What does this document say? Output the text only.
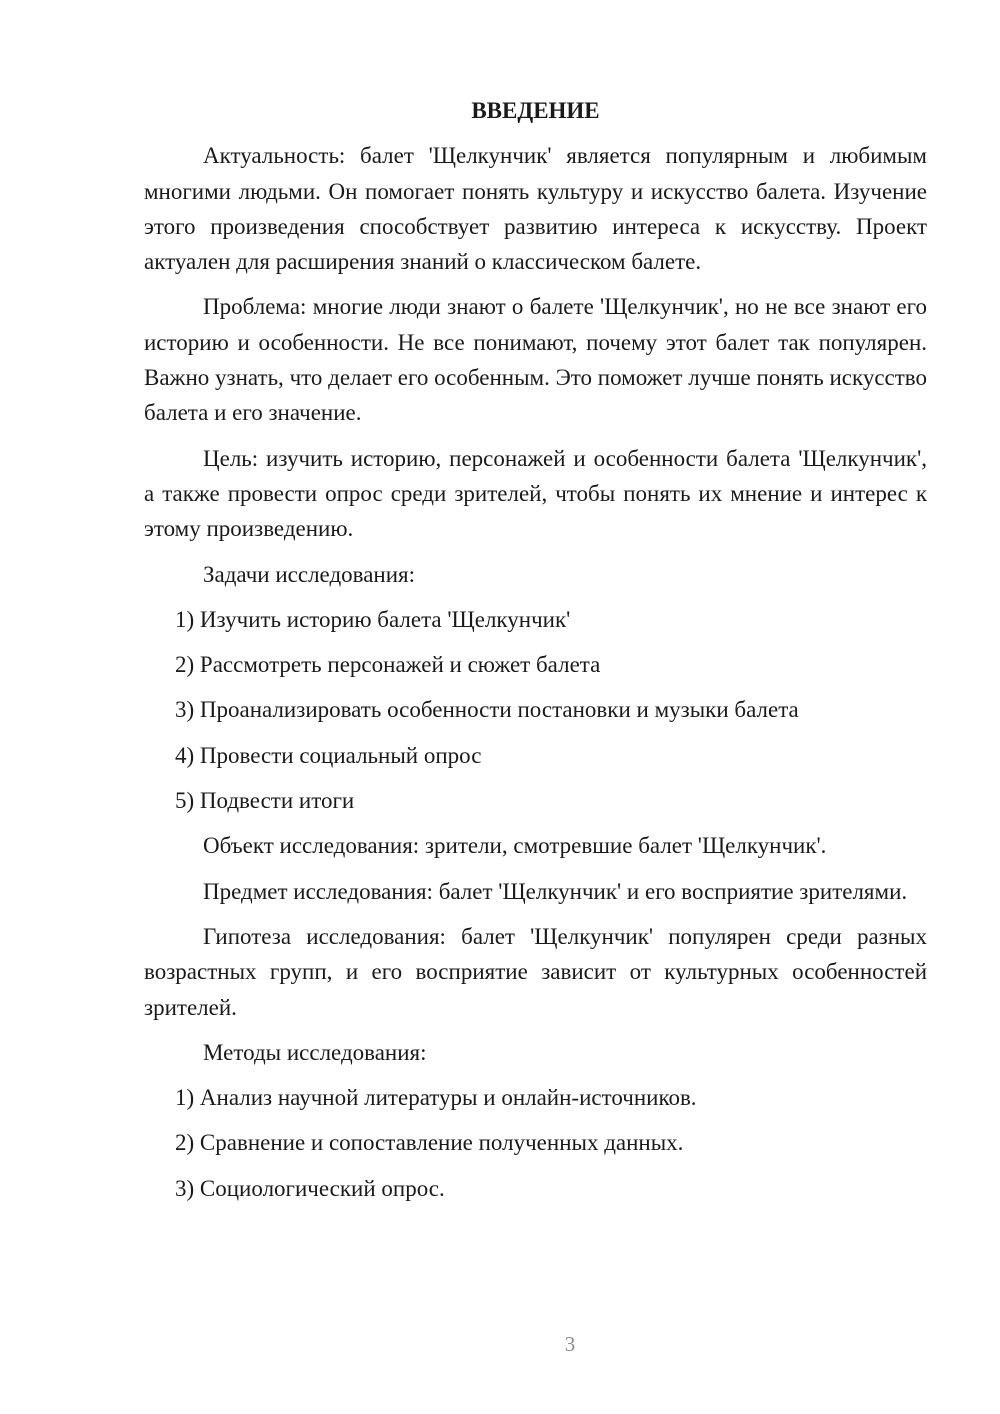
ВВЕДЕНИЕ

Актуальность: балет 'Щелкунчик' является популярным и любимым многими людьми. Он помогает понять культуру и искусство балета. Изучение этого произведения способствует развитию интереса к искусству. Проект актуален для расширения знаний о классическом балете.

Проблема: многие люди знают о балете 'Щелкунчик', но не все знают его историю и особенности. Не все понимают, почему этот балет так популярен. Важно узнать, что делает его особенным. Это поможет лучше понять искусство балета и его значение.

Цель: изучить историю, персонажей и особенности балета 'Щелкунчик', а также провести опрос среди зрителей, чтобы понять их мнение и интерес к этому произведению.

Задачи исследования:

1) Изучить историю балета 'Щелкунчик'

2) Рассмотреть персонажей и сюжет балета

3) Проанализировать особенности постановки и музыки балета

4) Провести социальный опрос

5) Подвести итоги

Объект исследования: зрители, смотревшие балет 'Щелкунчик'.

Предмет исследования: балет 'Щелкунчик' и его восприятие зрителями.

Гипотеза исследования: балет 'Щелкунчик' популярен среди разных возрастных групп, и его восприятие зависит от культурных особенностей зрителей.

Методы исследования:

1) Анализ научной литературы и онлайн-источников.

2) Сравнение и сопоставление полученных данных.

3) Социологический опрос.

3
